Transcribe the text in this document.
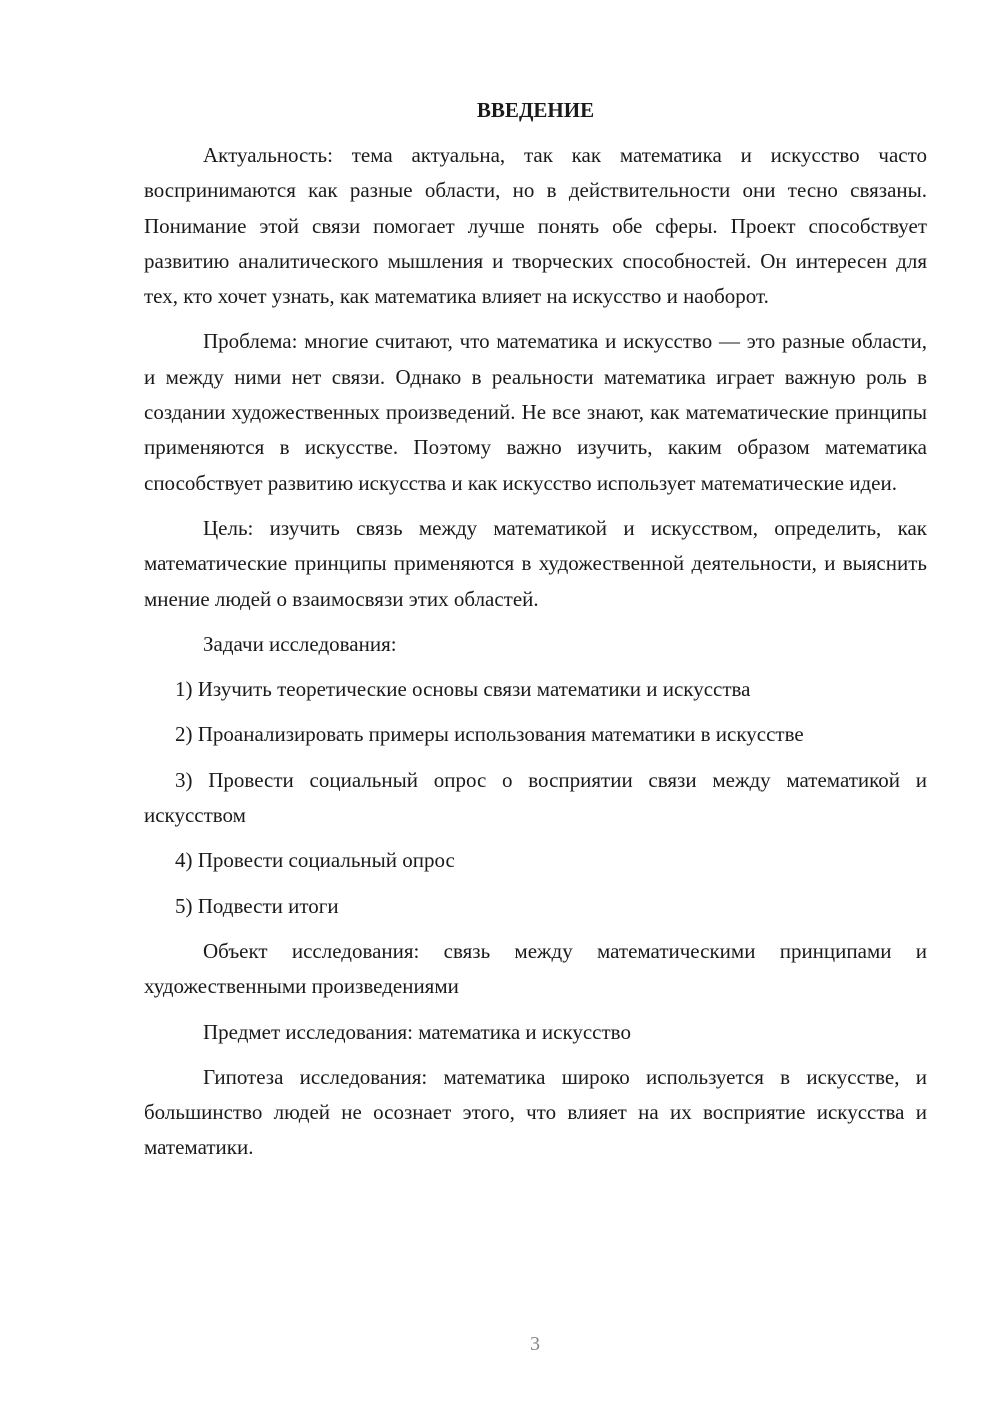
ВВЕДЕНИЕ

Актуальность: тема актуальна, так как математика и искусство часто воспринимаются как разные области, но в действительности они тесно связаны. Понимание этой связи помогает лучше понять обе сферы. Проект способствует развитию аналитического мышления и творческих способностей. Он интересен для тех, кто хочет узнать, как математика влияет на искусство и наоборот.

Проблема: многие считают, что математика и искусство — это разные области, и между ними нет связи. Однако в реальности математика играет важную роль в создании художественных произведений. Не все знают, как математические принципы применяются в искусстве. Поэтому важно изучить, каким образом математика способствует развитию искусства и как искусство использует математические идеи.

Цель: изучить связь между математикой и искусством, определить, как математические принципы применяются в художественной деятельности, и выяснить мнение людей о взаимосвязи этих областей.

Задачи исследования:

1) Изучить теоретические основы связи математики и искусства

2) Проанализировать примеры использования математики в искусстве

3) Провести социальный опрос о восприятии связи между математикой и искусством

4) Провести социальный опрос

5) Подвести итоги

Объект исследования: связь между математическими принципами и художественными произведениями

Предмет исследования: математика и искусство

Гипотеза исследования: математика широко используется в искусстве, и большинство людей не осознает этого, что влияет на их восприятие искусства и математики.

3
